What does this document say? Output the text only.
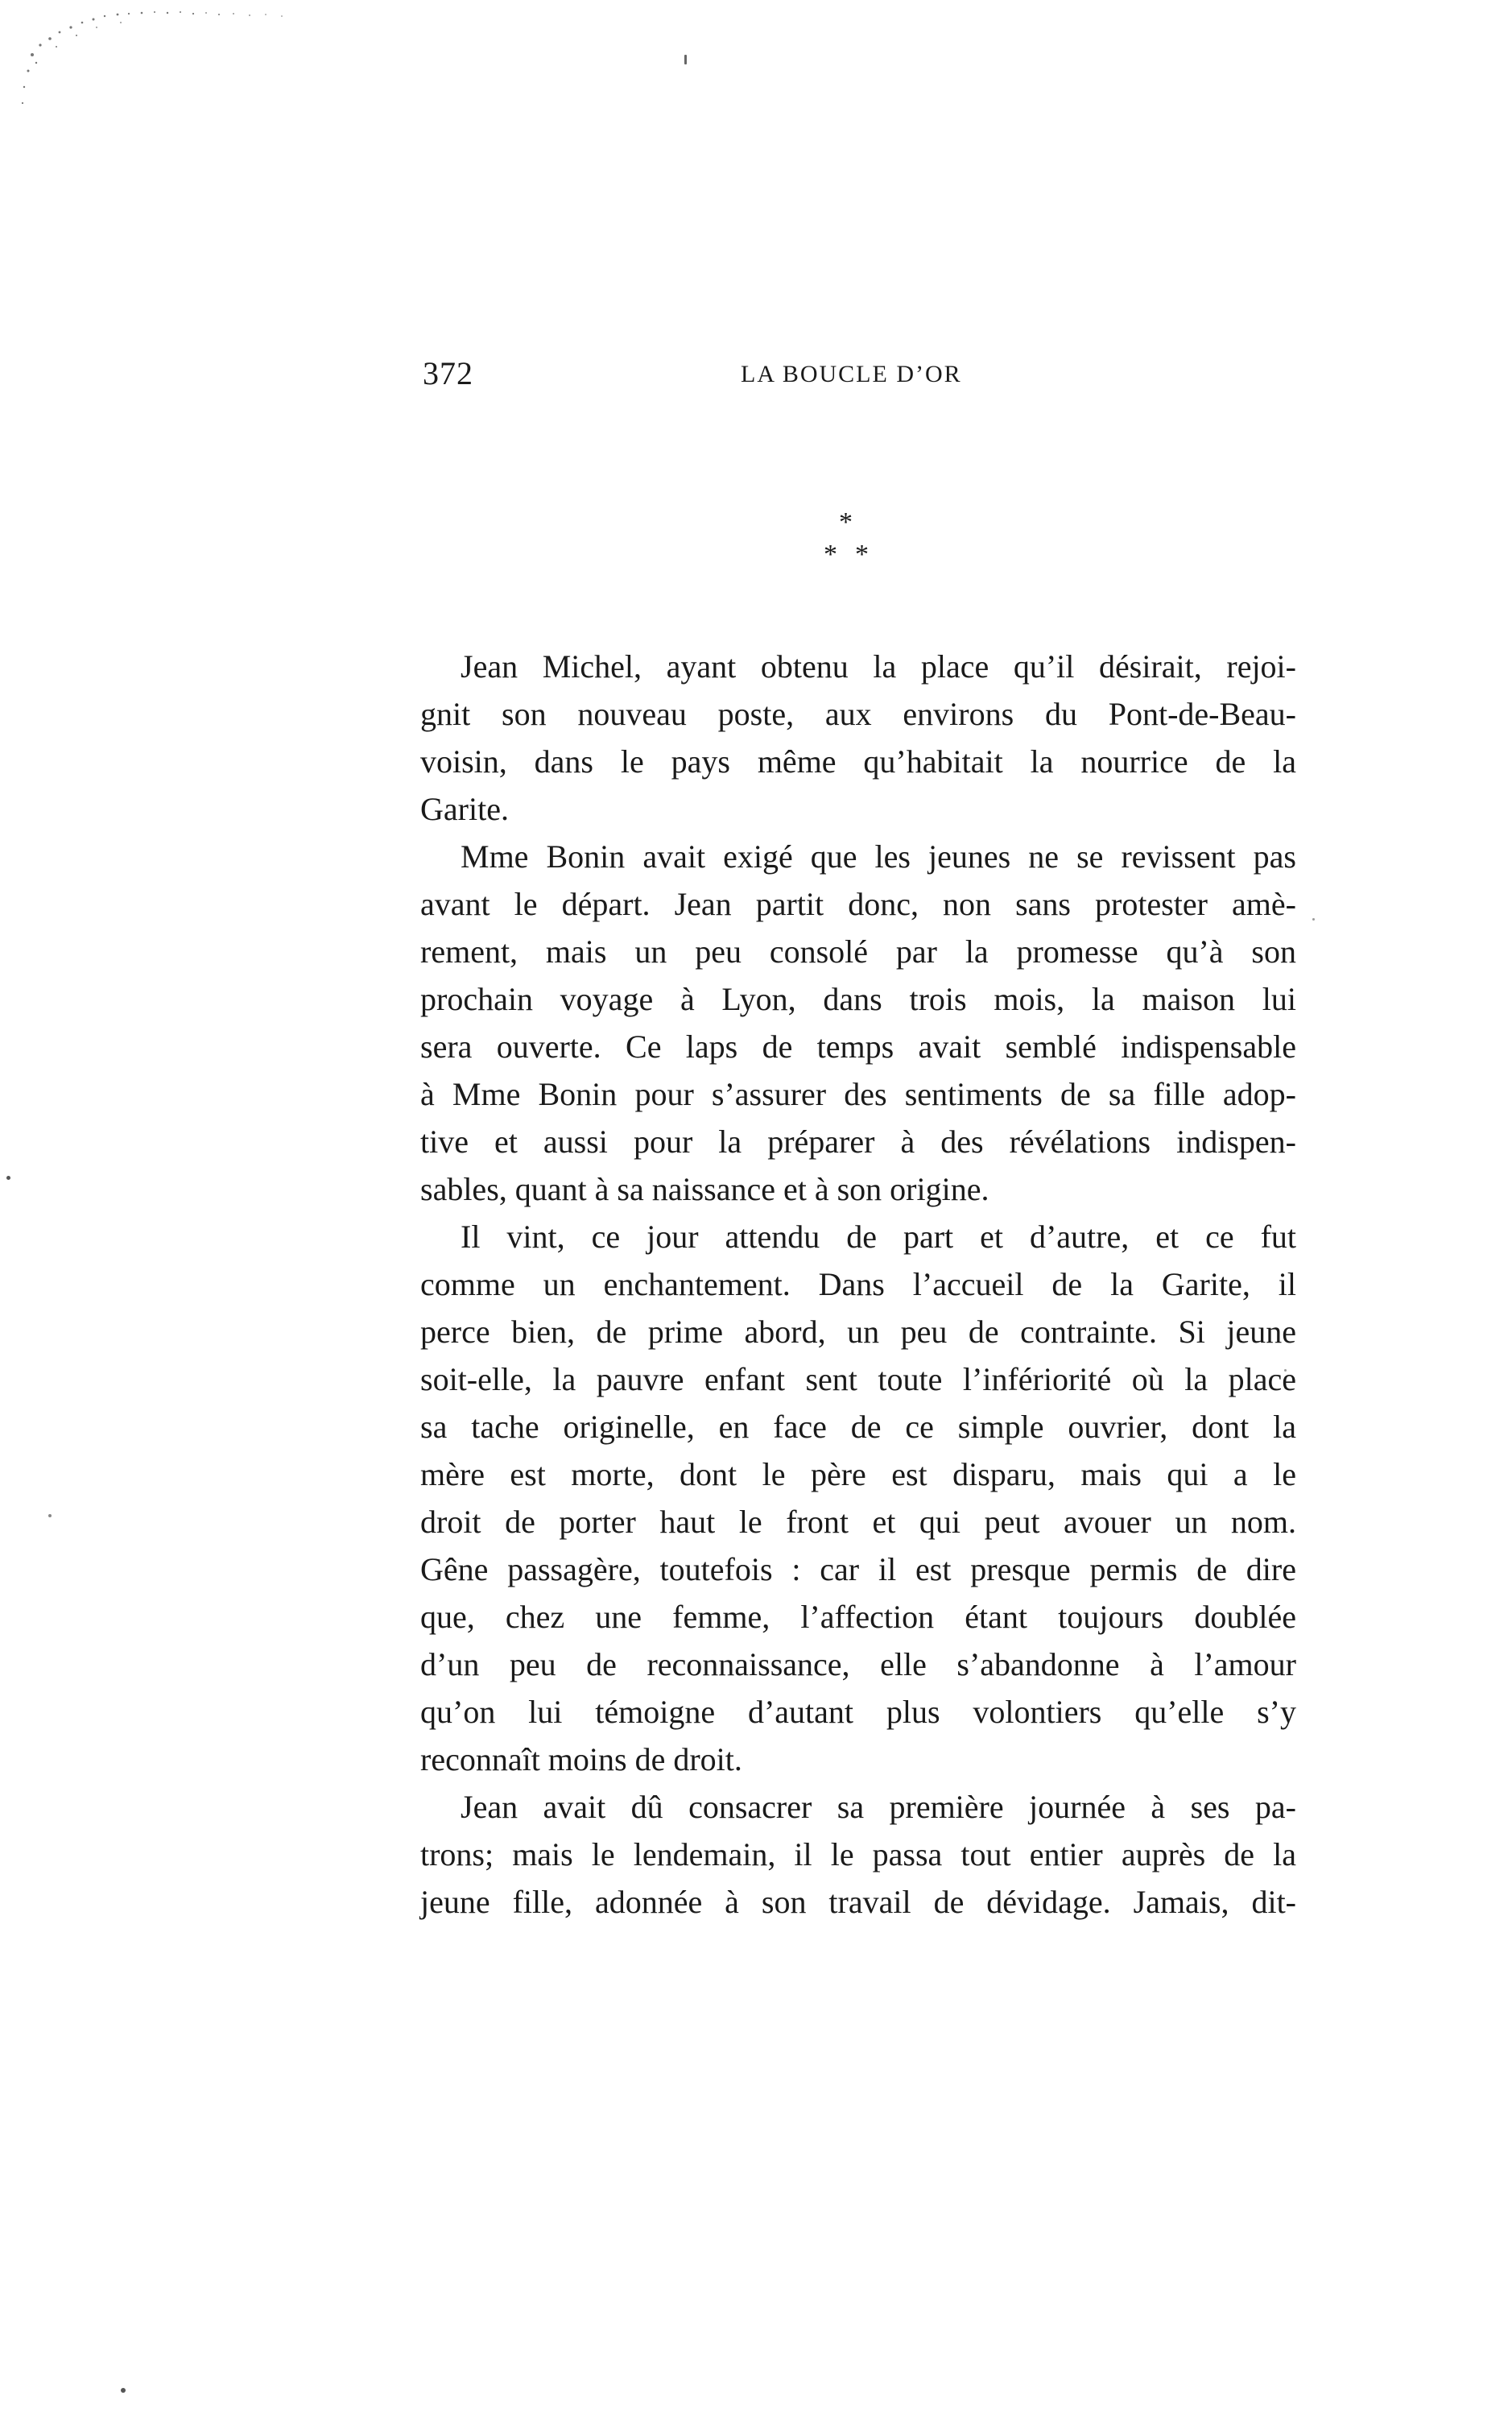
372	LA BOUCLE D’OR
*
* *
Jean Michel, ayant obtenu la place qu’il désirait, rejoi-
gnit son nouveau poste, aux environs du Pont-de-Beau-
voisin, dans le pays même qu’habitait la nourrice de la
Garite.
Mme Bonin avait exigé que les jeunes ne se revissent pas
avant le départ. Jean partit donc, non sans protester amè-
rement, mais un peu consolé par la promesse qu’à son
prochain voyage à Lyon, dans trois mois, la maison lui
sera ouverte. Ce laps de temps avait semblé indispensable
à Mme Bonin pour s’assurer des sentiments de sa fille adop-
tive et aussi pour la préparer à des révélations indispen-
sables, quant à sa naissance et à son origine.
Il vint, ce jour attendu de part et d’autre, et ce fut
comme un enchantement. Dans l’accueil de la Garite, il
perce bien, de prime abord, un peu de contrainte. Si jeune
soit-elle, la pauvre enfant sent toute l’infériorité où la place
sa tache originelle, en face de ce simple ouvrier, dont la
mère est morte, dont le père est disparu, mais qui a le
droit de porter haut le front et qui peut avouer un nom.
Gêne passagère, toutefois : car il est presque permis de dire
que, chez une femme, l’affection étant toujours doublée
d’un peu de reconnaissance, elle s’abandonne à l’amour
qu’on lui témoigne d’autant plus volontiers qu’elle s’y
reconnaît moins de droit.
Jean avait dû consacrer sa première journée à ses pa-
trons; mais le lendemain, il le passa tout entier auprès de la
jeune fille, adonnée à son travail de dévidage. Jamais, dit-
